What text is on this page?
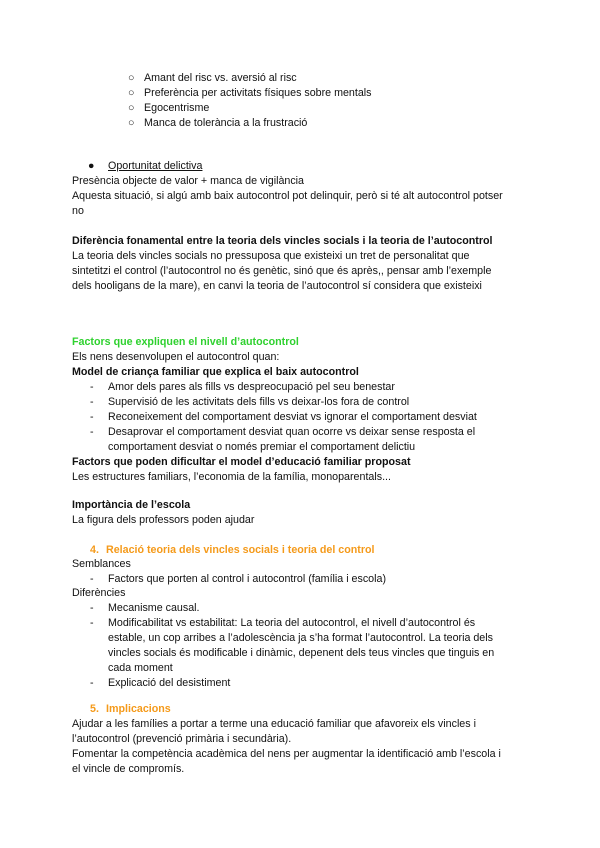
○ Amant del risc vs. aversió al risc
○ Preferència per activitats físiques sobre mentals
○ Egocentrisme
○ Manca de tolerància a la frustració
● Oportunitat delictiva
Presència objecte de valor + manca de vigilància
Aquesta situació, si algú amb baix autocontrol pot delinquir, però si té alt autocontrol potser
no
Diferència fonamental entre la teoria dels vincles socials i la teoria de l’autocontrol
La teoria dels vincles socials no pressuposa que existeixi un tret de personalitat que
sintetitzi el control (l’autocontrol no és genètic, sinó que és après,, pensar amb l’exemple
dels hooligans de la mare), en canvi la teoria de l’autocontrol sí considera que existeixi
Factors que expliquen el nivell d’autocontrol
Els nens desenvolupen el autocontrol quan:
Model de criança familiar que explica el baix autocontrol
- Amor dels pares als fills vs despreocupació pel seu benestar
- Supervisió de les activitats dels fills vs deixar-los fora de control
- Reconeixement del comportament desviat vs ignorar el comportament desviat
- Desaprovar el comportament desviat quan ocorre vs deixar sense resposta el
comportament desviat o només premiar el comportament delictiu
Factors que poden dificultar el model d’educació familiar proposat
Les estructures familiars, l’economia de la família, monoparentals...
Importància de l’escola
La figura dels professors poden ajudar
4. Relació teoria dels vincles socials i teoria del control
Semblances
- Factors que porten al control i autocontrol (família i escola)
Diferències
- Mecanisme causal.
- Modificabilitat vs estabilitat: La teoria del autocontrol, el nivell d’autocontrol és
estable, un cop arribes a l’adolescència ja s’ha format l’autocontrol. La teoria dels
vincles socials és modificable i dinàmic, depenent dels teus vincles que tinguis en
cada moment
- Explicació del desistiment
5. Implicacions
Ajudar a les famílies a portar a terme una educació familiar que afavoreix els vincles i
l’autocontrol (prevenció primària i secundària).
Fomentar la competència acadèmica del nens per augmentar la identificació amb l’escola i
el vincle de compromís.
